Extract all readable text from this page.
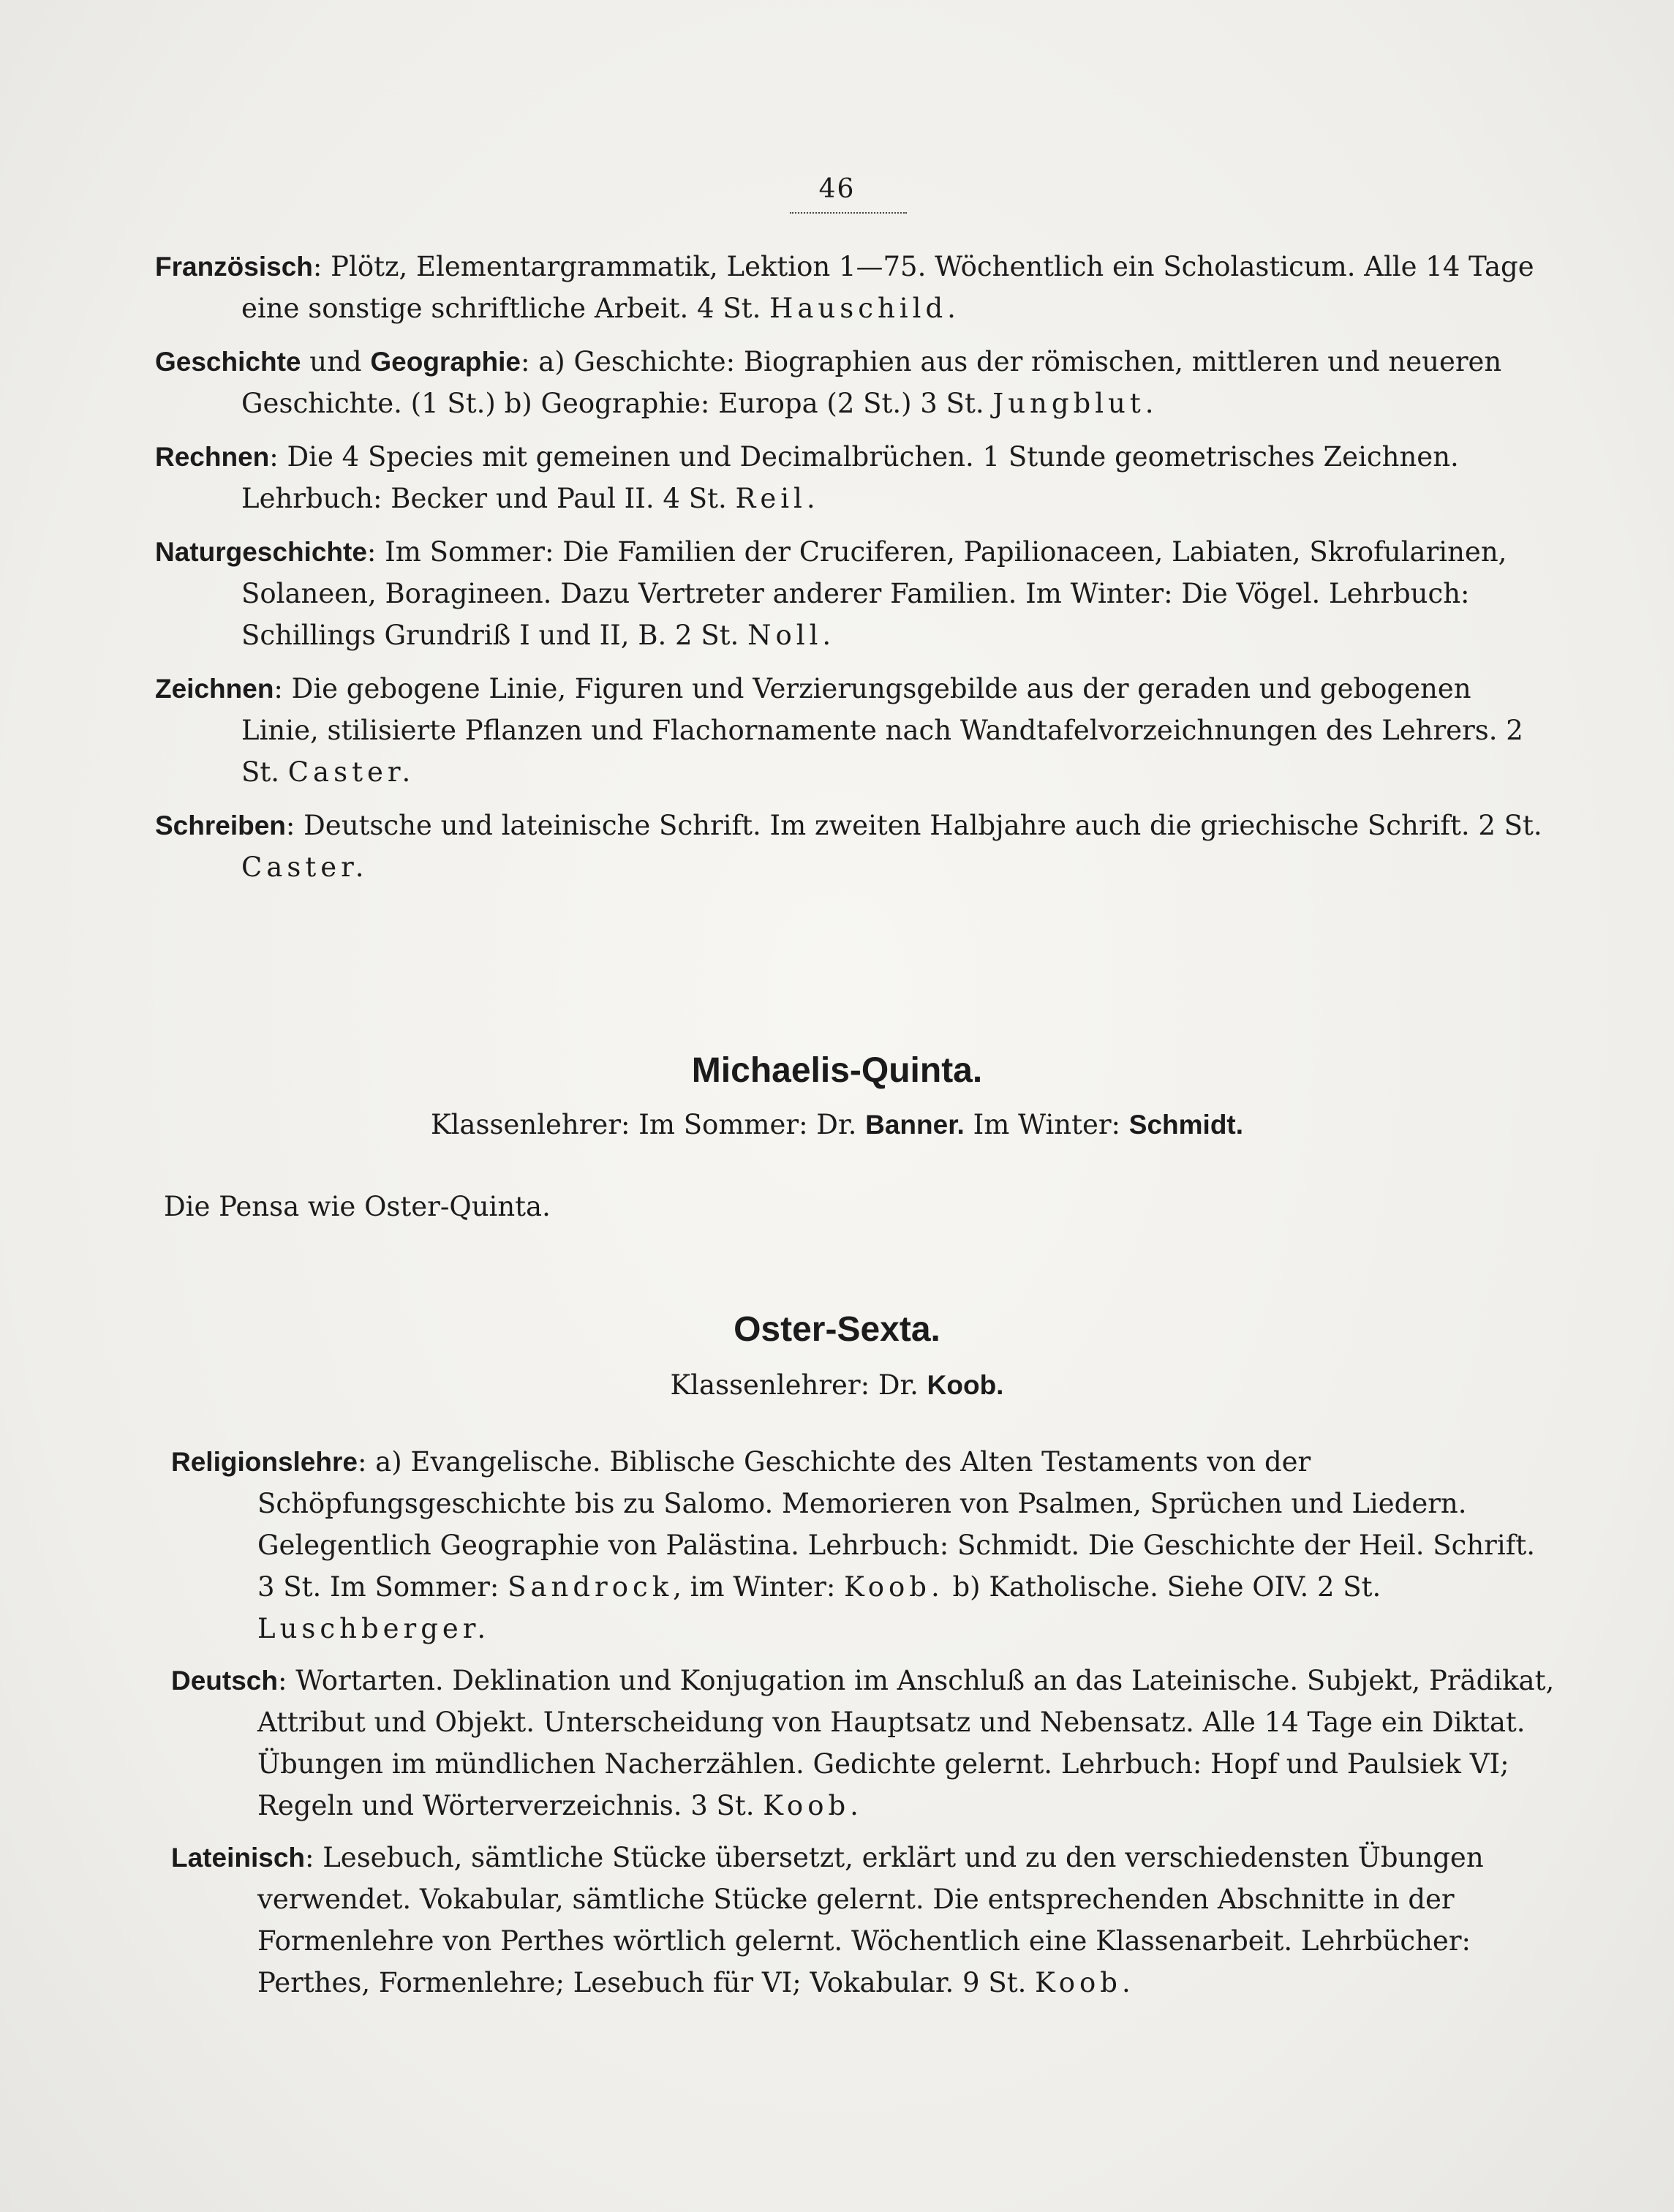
46
Französisch: Plötz, Elementargrammatik, Lektion 1—75. Wöchentlich ein Scholasticum. Alle 14 Tage eine sonstige schriftliche Arbeit. 4 St. Hauschild.
Geschichte und Geographie: a) Geschichte: Biographien aus der römischen, mittleren und neueren Geschichte. (1 St.) b) Geographie: Europa (2 St.) 3 St. Jungblut.
Rechnen: Die 4 Species mit gemeinen und Decimalbrüchen. 1 Stunde geometrisches Zeichnen. Lehrbuch: Becker und Paul II. 4 St. Reil.
Naturgeschichte: Im Sommer: Die Familien der Cruciferen, Papilionaceen, Labiaten, Skrofularinen, Solaneen, Boragineen. Dazu Vertreter anderer Familien. Im Winter: Die Vögel. Lehrbuch: Schillings Grundriß I und II, B. 2 St. Noll.
Zeichnen: Die gebogene Linie, Figuren und Verzierungsgebilde aus der geraden und gebogenen Linie, stilisierte Pflanzen und Flachornamente nach Wandtafelvorzeichnungen des Lehrers. 2 St. Caster.
Schreiben: Deutsche und lateinische Schrift. Im zweiten Halbjahre auch die griechische Schrift. 2 St. Caster.
Michaelis-Quinta.
Klassenlehrer: Im Sommer: Dr. Banner. Im Winter: Schmidt.
Die Pensa wie Oster-Quinta.
Oster-Sexta.
Klassenlehrer: Dr. Koob.
Religionslehre: a) Evangelische. Biblische Geschichte des Alten Testaments von der Schöpfungsgeschichte bis zu Salomo. Memorieren von Psalmen, Sprüchen und Liedern. Gelegentlich Geographie von Palästina. Lehrbuch: Schmidt. Die Geschichte der Heil. Schrift. 3 St. Im Sommer: Sandrock, im Winter: Koob. b) Katholische. Siehe OIV. 2 St. Luschberger.
Deutsch: Wortarten. Deklination und Konjugation im Anschluß an das Lateinische. Subjekt, Prädikat, Attribut und Objekt. Unterscheidung von Hauptsatz und Nebensatz. Alle 14 Tage ein Diktat. Übungen im mündlichen Nacherzählen. Gedichte gelernt. Lehrbuch: Hopf und Paulsiek VI; Regeln und Wörterverzeichnis. 3 St. Koob.
Lateinisch: Lesebuch, sämtliche Stücke übersetzt, erklärt und zu den verschiedensten Übungen verwendet. Vokabular, sämtliche Stücke gelernt. Die entsprechenden Abschnitte in der Formenlehre von Perthes wörtlich gelernt. Wöchentlich eine Klassenarbeit. Lehrbücher: Perthes, Formenlehre; Lesebuch für VI; Vokabular. 9 St. Koob.
